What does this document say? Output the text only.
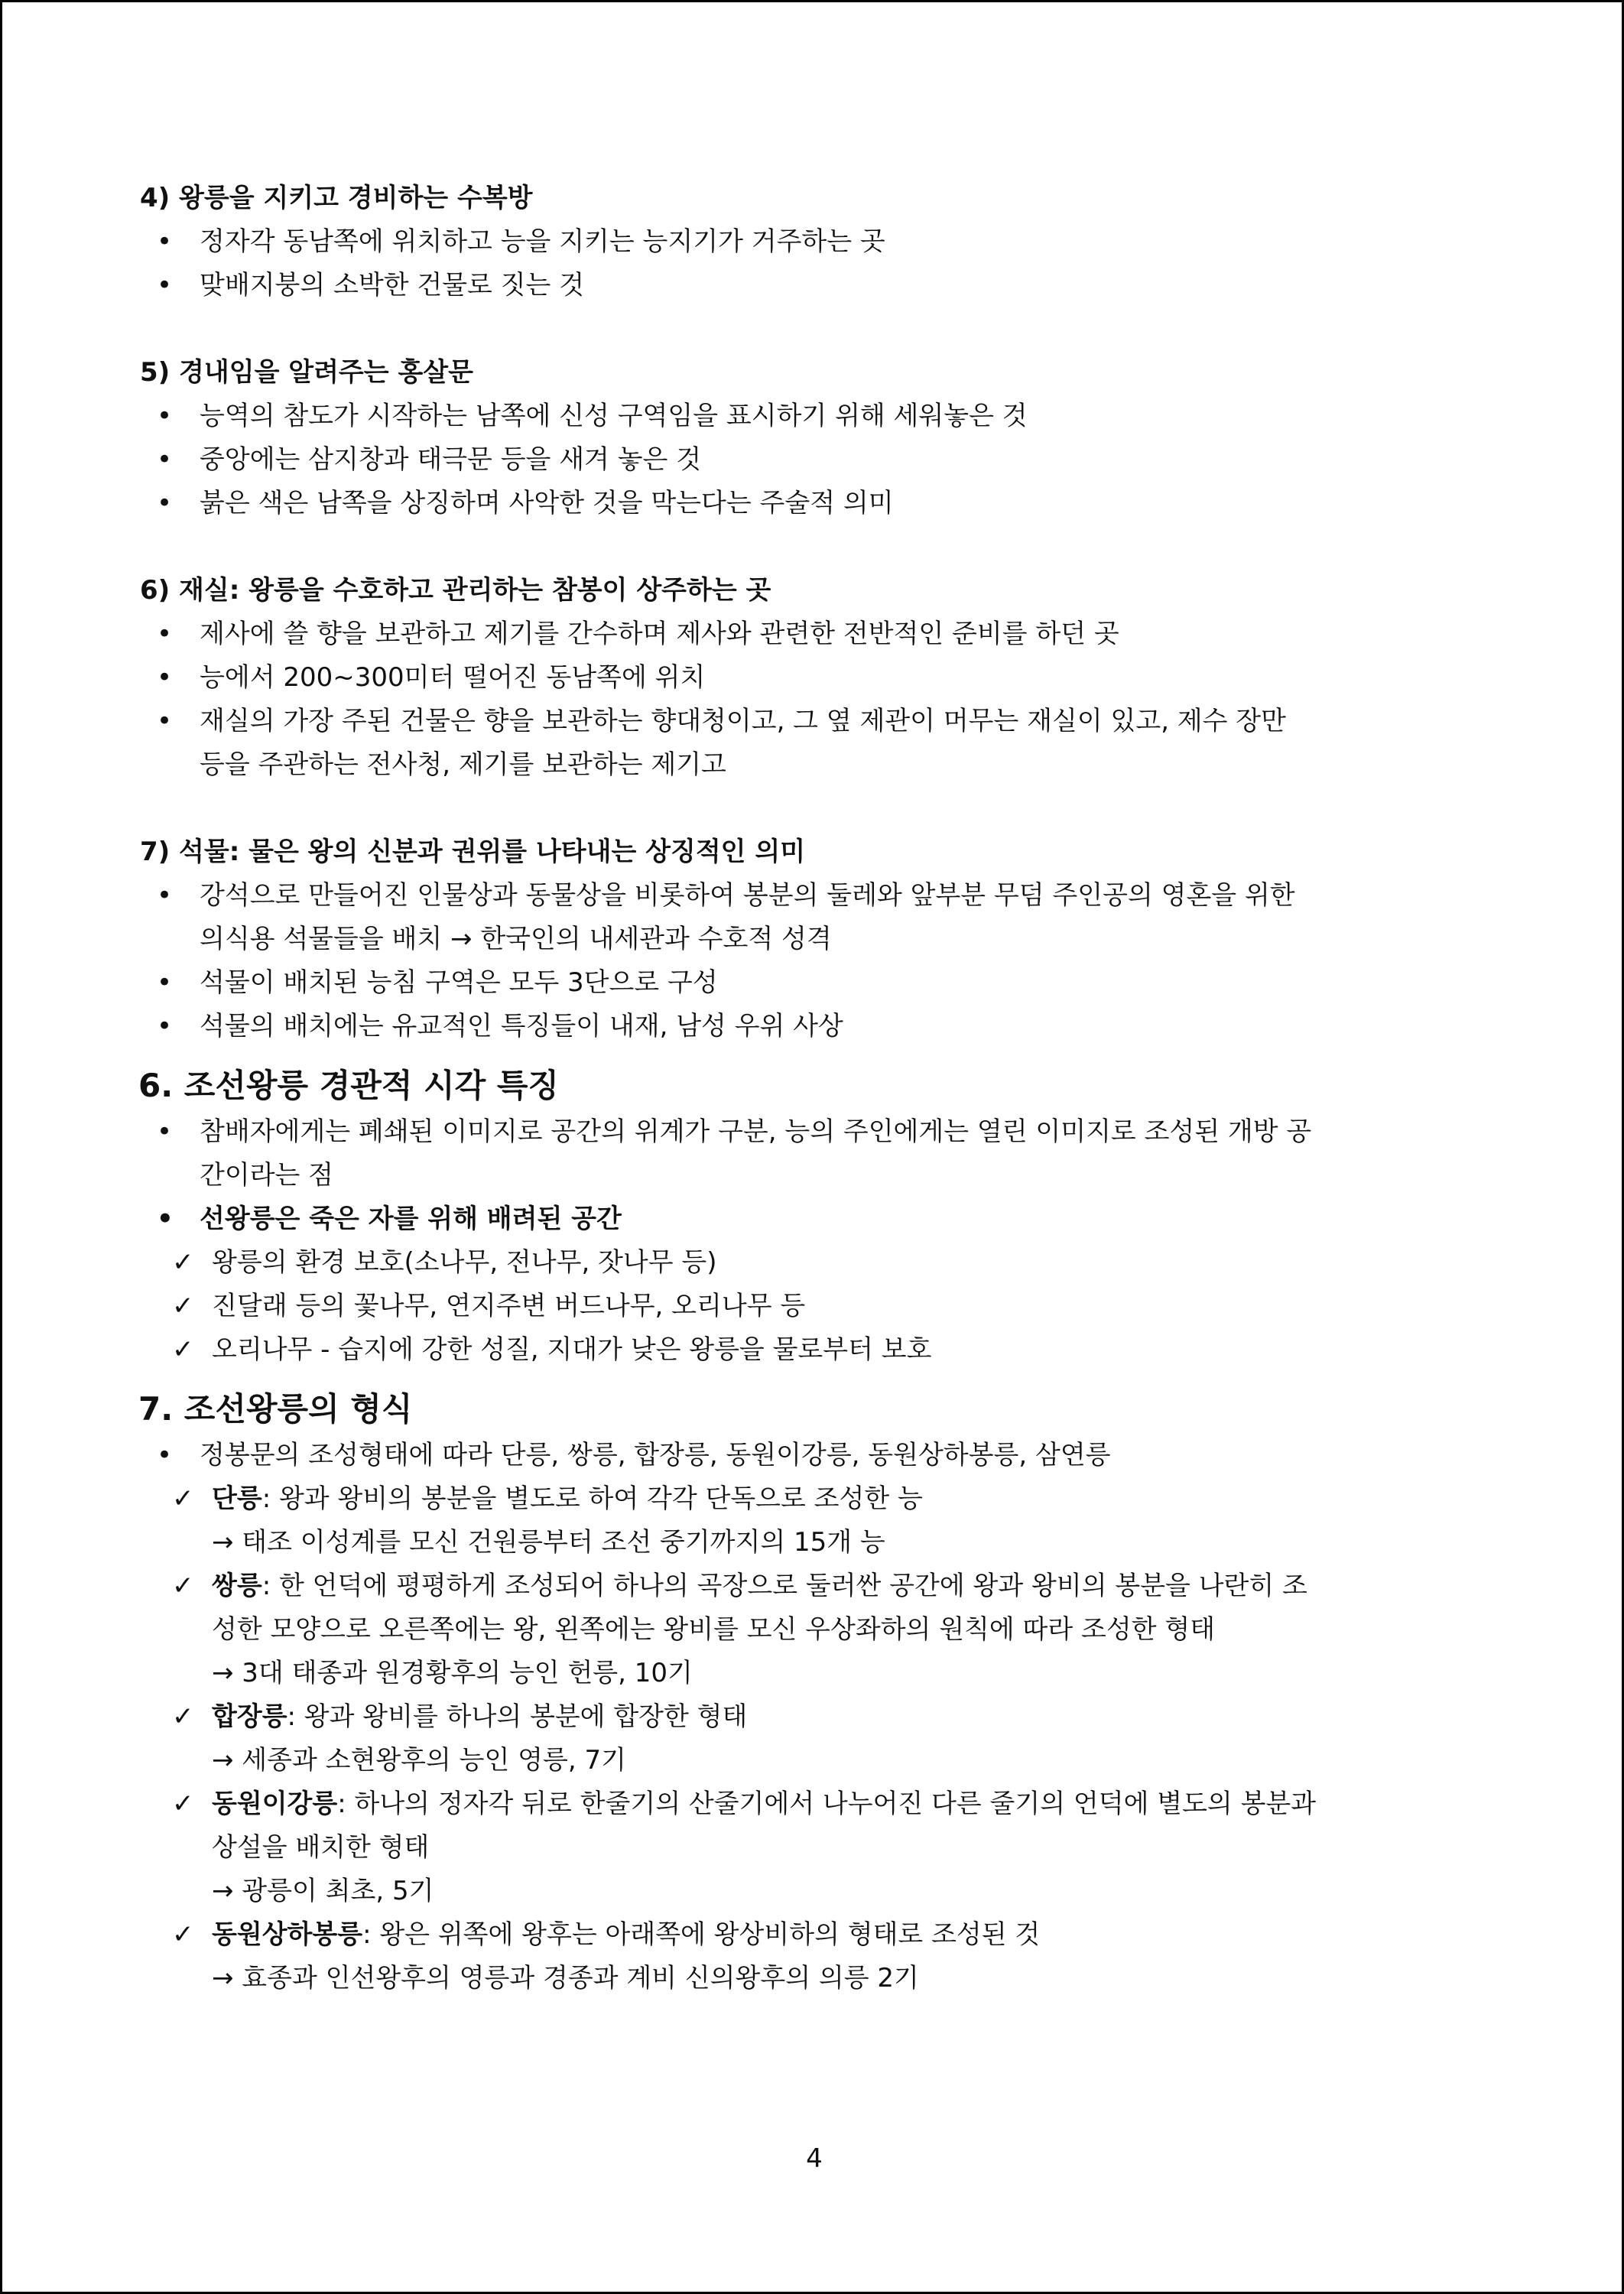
4) 왕릉을 지키고 경비하는 수복방
• 정자각 동남쪽에 위치하고 능을 지키는 능지기가 거주하는 곳
• 맞배지붕의 소박한 건물로 짓는 것
5) 경내임을 알려주는 홍살문
• 능역의 참도가 시작하는 남쪽에 신성 구역임을 표시하기 위해 세워놓은 것
• 중앙에는 삼지창과 태극문 등을 새겨 놓은 것
• 붉은 색은 남쪽을 상징하며 사악한 것을 막는다는 주술적 의미
6) 재실: 왕릉을 수호하고 관리하는 참봉이 상주하는 곳
• 제사에 쓸 향을 보관하고 제기를 간수하며 제사와 관련한 전반적인 준비를 하던 곳
• 능에서 200~300미터 떨어진 동남쪽에 위치
• 재실의 가장 주된 건물은 향을 보관하는 향대청이고, 그 옆 제관이 머무는 재실이 있고, 제수 장만
등을 주관하는 전사청, 제기를 보관하는 제기고
7) 석물: 물은 왕의 신분과 권위를 나타내는 상징적인 의미
• 강석으로 만들어진 인물상과 동물상을 비롯하여 봉분의 둘레와 앞부분 무덤 주인공의 영혼을 위한
의식용 석물들을 배치 → 한국인의 내세관과 수호적 성격
• 석물이 배치된 능침 구역은 모두 3단으로 구성
• 석물의 배치에는 유교적인 특징들이 내재, 남성 우위 사상
6. 조선왕릉 경관적 시각 특징
• 참배자에게는 폐쇄된 이미지로 공간의 위계가 구분, 능의 주인에게는 열린 이미지로 조성된 개방 공
간이라는 점
• 선왕릉은 죽은 자를 위해 배려된 공간
✓ 왕릉의 환경 보호(소나무, 전나무, 잣나무 등)
✓ 진달래 등의 꽃나무, 연지주변 버드나무, 오리나무 등
✓ 오리나무 - 습지에 강한 성질, 지대가 낮은 왕릉을 물로부터 보호
7. 조선왕릉의 형식
• 정봉문의 조성형태에 따라 단릉, 쌍릉, 합장릉, 동원이강릉, 동원상하봉릉, 삼연릉
✓ 단릉: 왕과 왕비의 봉분을 별도로 하여 각각 단독으로 조성한 능
→ 태조 이성계를 모신 건원릉부터 조선 중기까지의 15개 능
✓ 쌍릉: 한 언덕에 평평하게 조성되어 하나의 곡장으로 둘러싼 공간에 왕과 왕비의 봉분을 나란히 조
성한 모양으로 오른쪽에는 왕, 왼쪽에는 왕비를 모신 우상좌하의 원칙에 따라 조성한 형태
→ 3대 태종과 원경황후의 능인 헌릉, 10기
✓ 합장릉: 왕과 왕비를 하나의 봉분에 합장한 형태
→ 세종과 소현왕후의 능인 영릉, 7기
✓ 동원이강릉: 하나의 정자각 뒤로 한줄기의 산줄기에서 나누어진 다른 줄기의 언덕에 별도의 봉분과
상설을 배치한 형태
→ 광릉이 최초, 5기
✓ 동원상하봉릉: 왕은 위쪽에 왕후는 아래쪽에 왕상비하의 형태로 조성된 것
→ 효종과 인선왕후의 영릉과 경종과 계비 신의왕후의 의릉 2기
4
